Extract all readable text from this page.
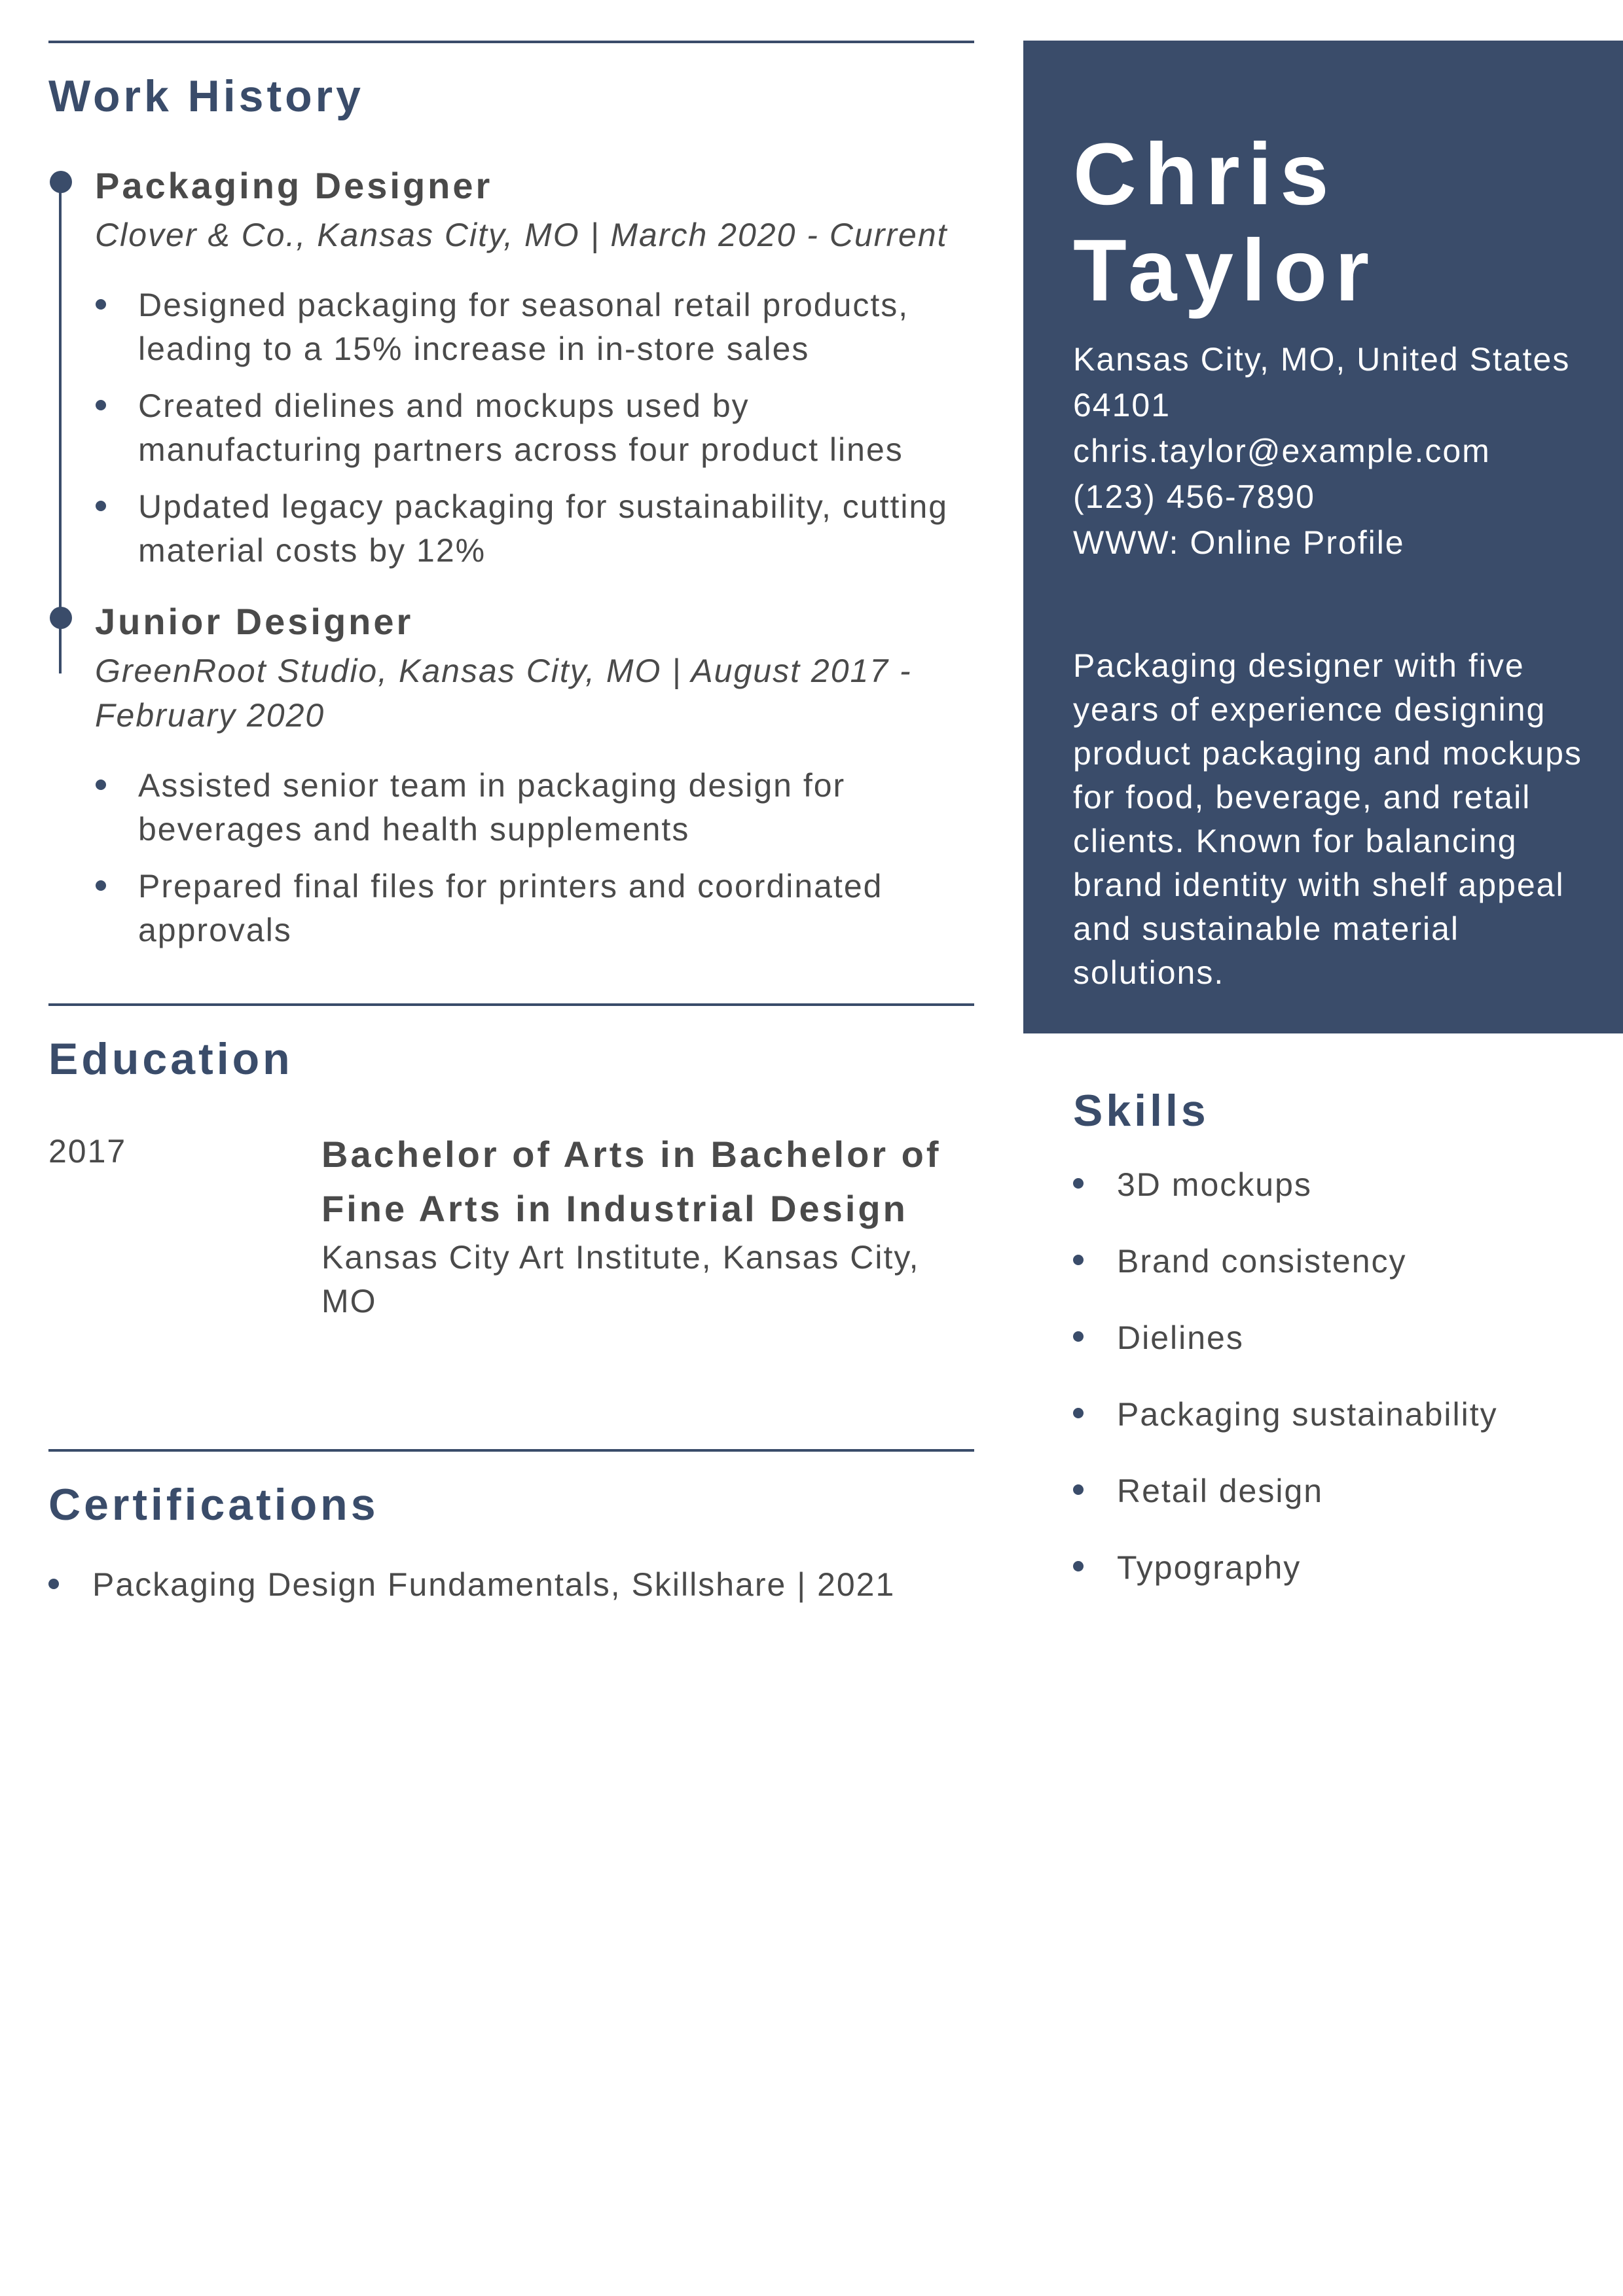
Work History
Packaging Designer
Clover & Co., Kansas City, MO | March 2020 - Current
Designed packaging for seasonal retail products, leading to a 15% increase in in-store sales
Created dielines and mockups used by manufacturing partners across four product lines
Updated legacy packaging for sustainability, cutting material costs by 12%
Junior Designer
GreenRoot Studio, Kansas City, MO | August 2017 - February 2020
Assisted senior team in packaging design for beverages and health supplements
Prepared final files for printers and coordinated approvals
Education
2017	Bachelor of Arts in Bachelor of Fine Arts in Industrial Design
Kansas City Art Institute, Kansas City, MO
Certifications
Packaging Design Fundamentals, Skillshare | 2021
Chris
Taylor
Kansas City, MO, United States 64101
chris.taylor@example.com
(123) 456-7890
WWW: Online Profile
Packaging designer with five years of experience designing product packaging and mockups for food, beverage, and retail clients. Known for balancing brand identity with shelf appeal and sustainable material solutions.
Skills
3D mockups
Brand consistency
Dielines
Packaging sustainability
Retail design
Typography
